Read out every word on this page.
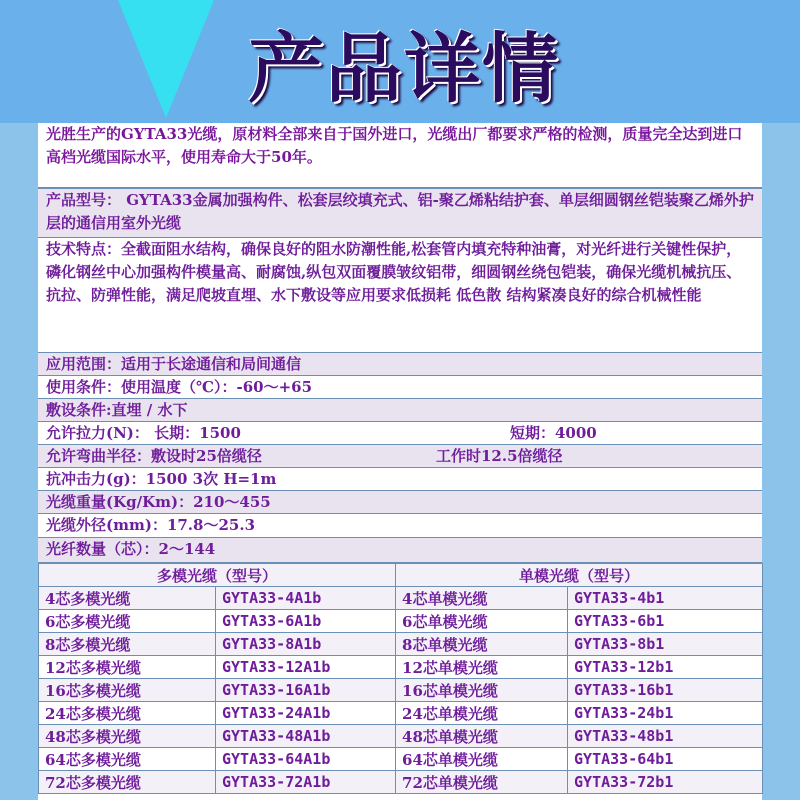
产品详情
光胜生产的GYTA33光缆，原材料全部来自于国外进口，光缆出厂都要求严格的检测，质量完全达到进口高档光缆国际水平，使用寿命大于50年。
产品型号： GYTA33金属加强构件、松套层绞填充式、铝-聚乙烯粘结护套、单层细圆钢丝铠装聚乙烯外护层的通信用室外光缆
技术特点：全截面阻水结构，确保良好的阻水防潮性能,松套管内填充特种油膏，对光纤进行关键性保护，磷化钢丝中心加强构件模量高、耐腐蚀,纵包双面覆膜皱纹铝带，细圆钢丝绕包铠装，确保光缆机械抗压、抗拉、防弹性能，满足爬坡直埋、水下敷设等应用要求低损耗 低色散 结构紧凑良好的综合机械性能
应用范围：适用于长途通信和局间通信
使用条件：使用温度（℃）：-60～+65
敷设条件:直埋 / 水下
允许拉力(N)： 长期：1500	短期：4000
允许弯曲半径：敷设时25倍缆径	工作时12.5倍缆径
抗冲击力(g)：1500 3次 H=1m
光缆重量(Kg/Km)：210～455
光缆外径(mm)：17.8～25.3
光纤数量（芯）：2～144
多模光缆（型号）		单模光缆（型号）	
4芯多模光缆	GYTA33-4A1b	4芯单模光缆	GYTA33-4b1
6芯多模光缆	GYTA33-6A1b	6芯单模光缆	GYTA33-6b1
8芯多模光缆	GYTA33-8A1b	8芯单模光缆	GYTA33-8b1
12芯多模光缆	GYTA33-12A1b	12芯单模光缆	GYTA33-12b1
16芯多模光缆	GYTA33-16A1b	16芯单模光缆	GYTA33-16b1
24芯多模光缆	GYTA33-24A1b	24芯单模光缆	GYTA33-24b1
48芯多模光缆	GYTA33-48A1b	48芯单模光缆	GYTA33-48b1
64芯多模光缆	GYTA33-64A1b	64芯单模光缆	GYTA33-64b1
72芯多模光缆	GYTA33-72A1b	72芯单模光缆	GYTA33-72b1
